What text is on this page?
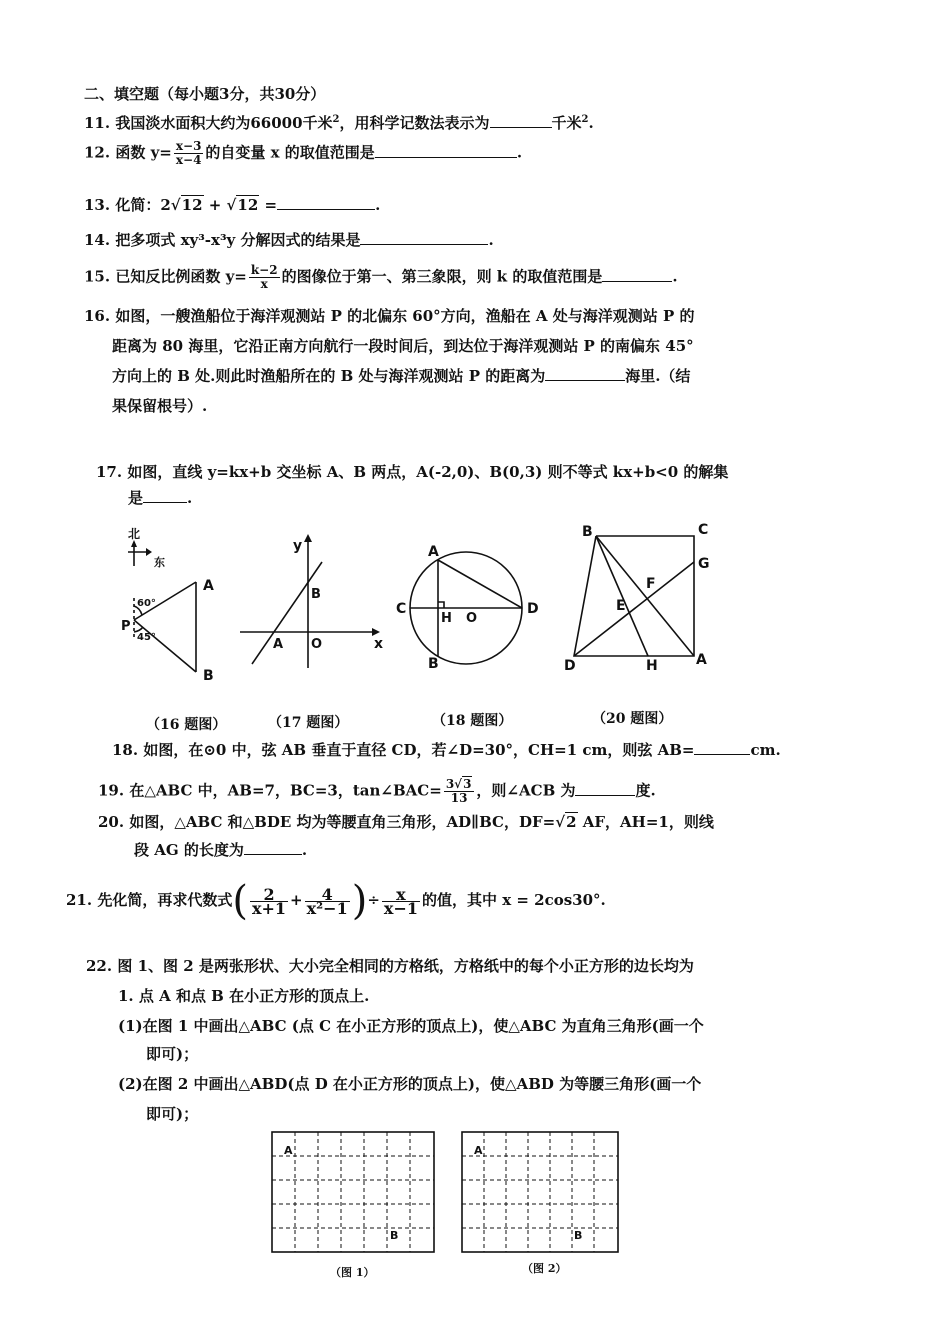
二、填空题（每小题3分，共30分）
11. 我国淡水面积大约为66000千米$^2$，用科学记数法表示为	千米$^2$.
12. 函数 $y= \frac{x-3}{x-4}$ 的自变量 x 的取值范围是	.
13. 化简：2√12 + √12 =	.
14. 把多项式 xy³-x³y 分解因式的结果是	.
15. 已知反比例函数 $y= \frac{k-2}{x}$ 的图像位于第一、第三象限，则 k 的取值范围是	.
16. 如图，一艘渔船位于海洋观测站 P 的北偏东 60°方向，渔船在 A 处与海洋观测站 P 的
距离为 80 海里，它沿正南方向航行一段时间后，到达位于海洋观测站 P 的南偏东 45°
方向上的 B 处.则此时渔船所在的 B 处与海洋观测站 P 的距离为	海里.（结
果保留根号）.
17. 如图，直线 y=kx+b 交坐标 A、B 两点，A(-2,0)、B(0,3) 则不等式 kx+b<0 的解集
是	.
北
东
A
B
P
60°
45°
y
x
A
B
O
A
B
C	D
H O
B	C
G
F
E
D	H	A
A
B
A
B
（16 题图）	（17 题图）	（18 题图）	（20 题图）
18. 如图，在⊙0 中，弦 AB 垂直于直径 CD，若∠D=30°，CH=1 cm，则弦 AB=	cm.
19. 在△ABC 中，AB=7，BC=3，tan∠BAC= $\frac{3√3}{13}$ ，则∠ACB 为	度.
20. 如图，△ABC 和△BDE 均为等腰直角三角形，AD∥BC，DF=√2 AF，AH=1，则线
段 AG 的长度为	.
21. 先化简，再求代数式( $\frac{2}{x+1} + \frac{4}{\text{x²−1}}$ )÷ $\frac{x}{x-1}$ 的值，其中 x = 2cos30°.
22. 图 1、图 2 是两张形状、大小完全相同的方格纸，方格纸中的每个小正方形的边长均为
1. 点 A 和点 B 在小正方形的顶点上.
(1)在图 1 中画出△ABC (点 C 在小正方形的顶点上)，使△ABC 为直角三角形(画一个
即可)；
(2)在图 2 中画出△ABD(点 D 在小正方形的顶点上)，使△ABD 为等腰三角形(画一个
即可)；
（图 1）	（图 2）
